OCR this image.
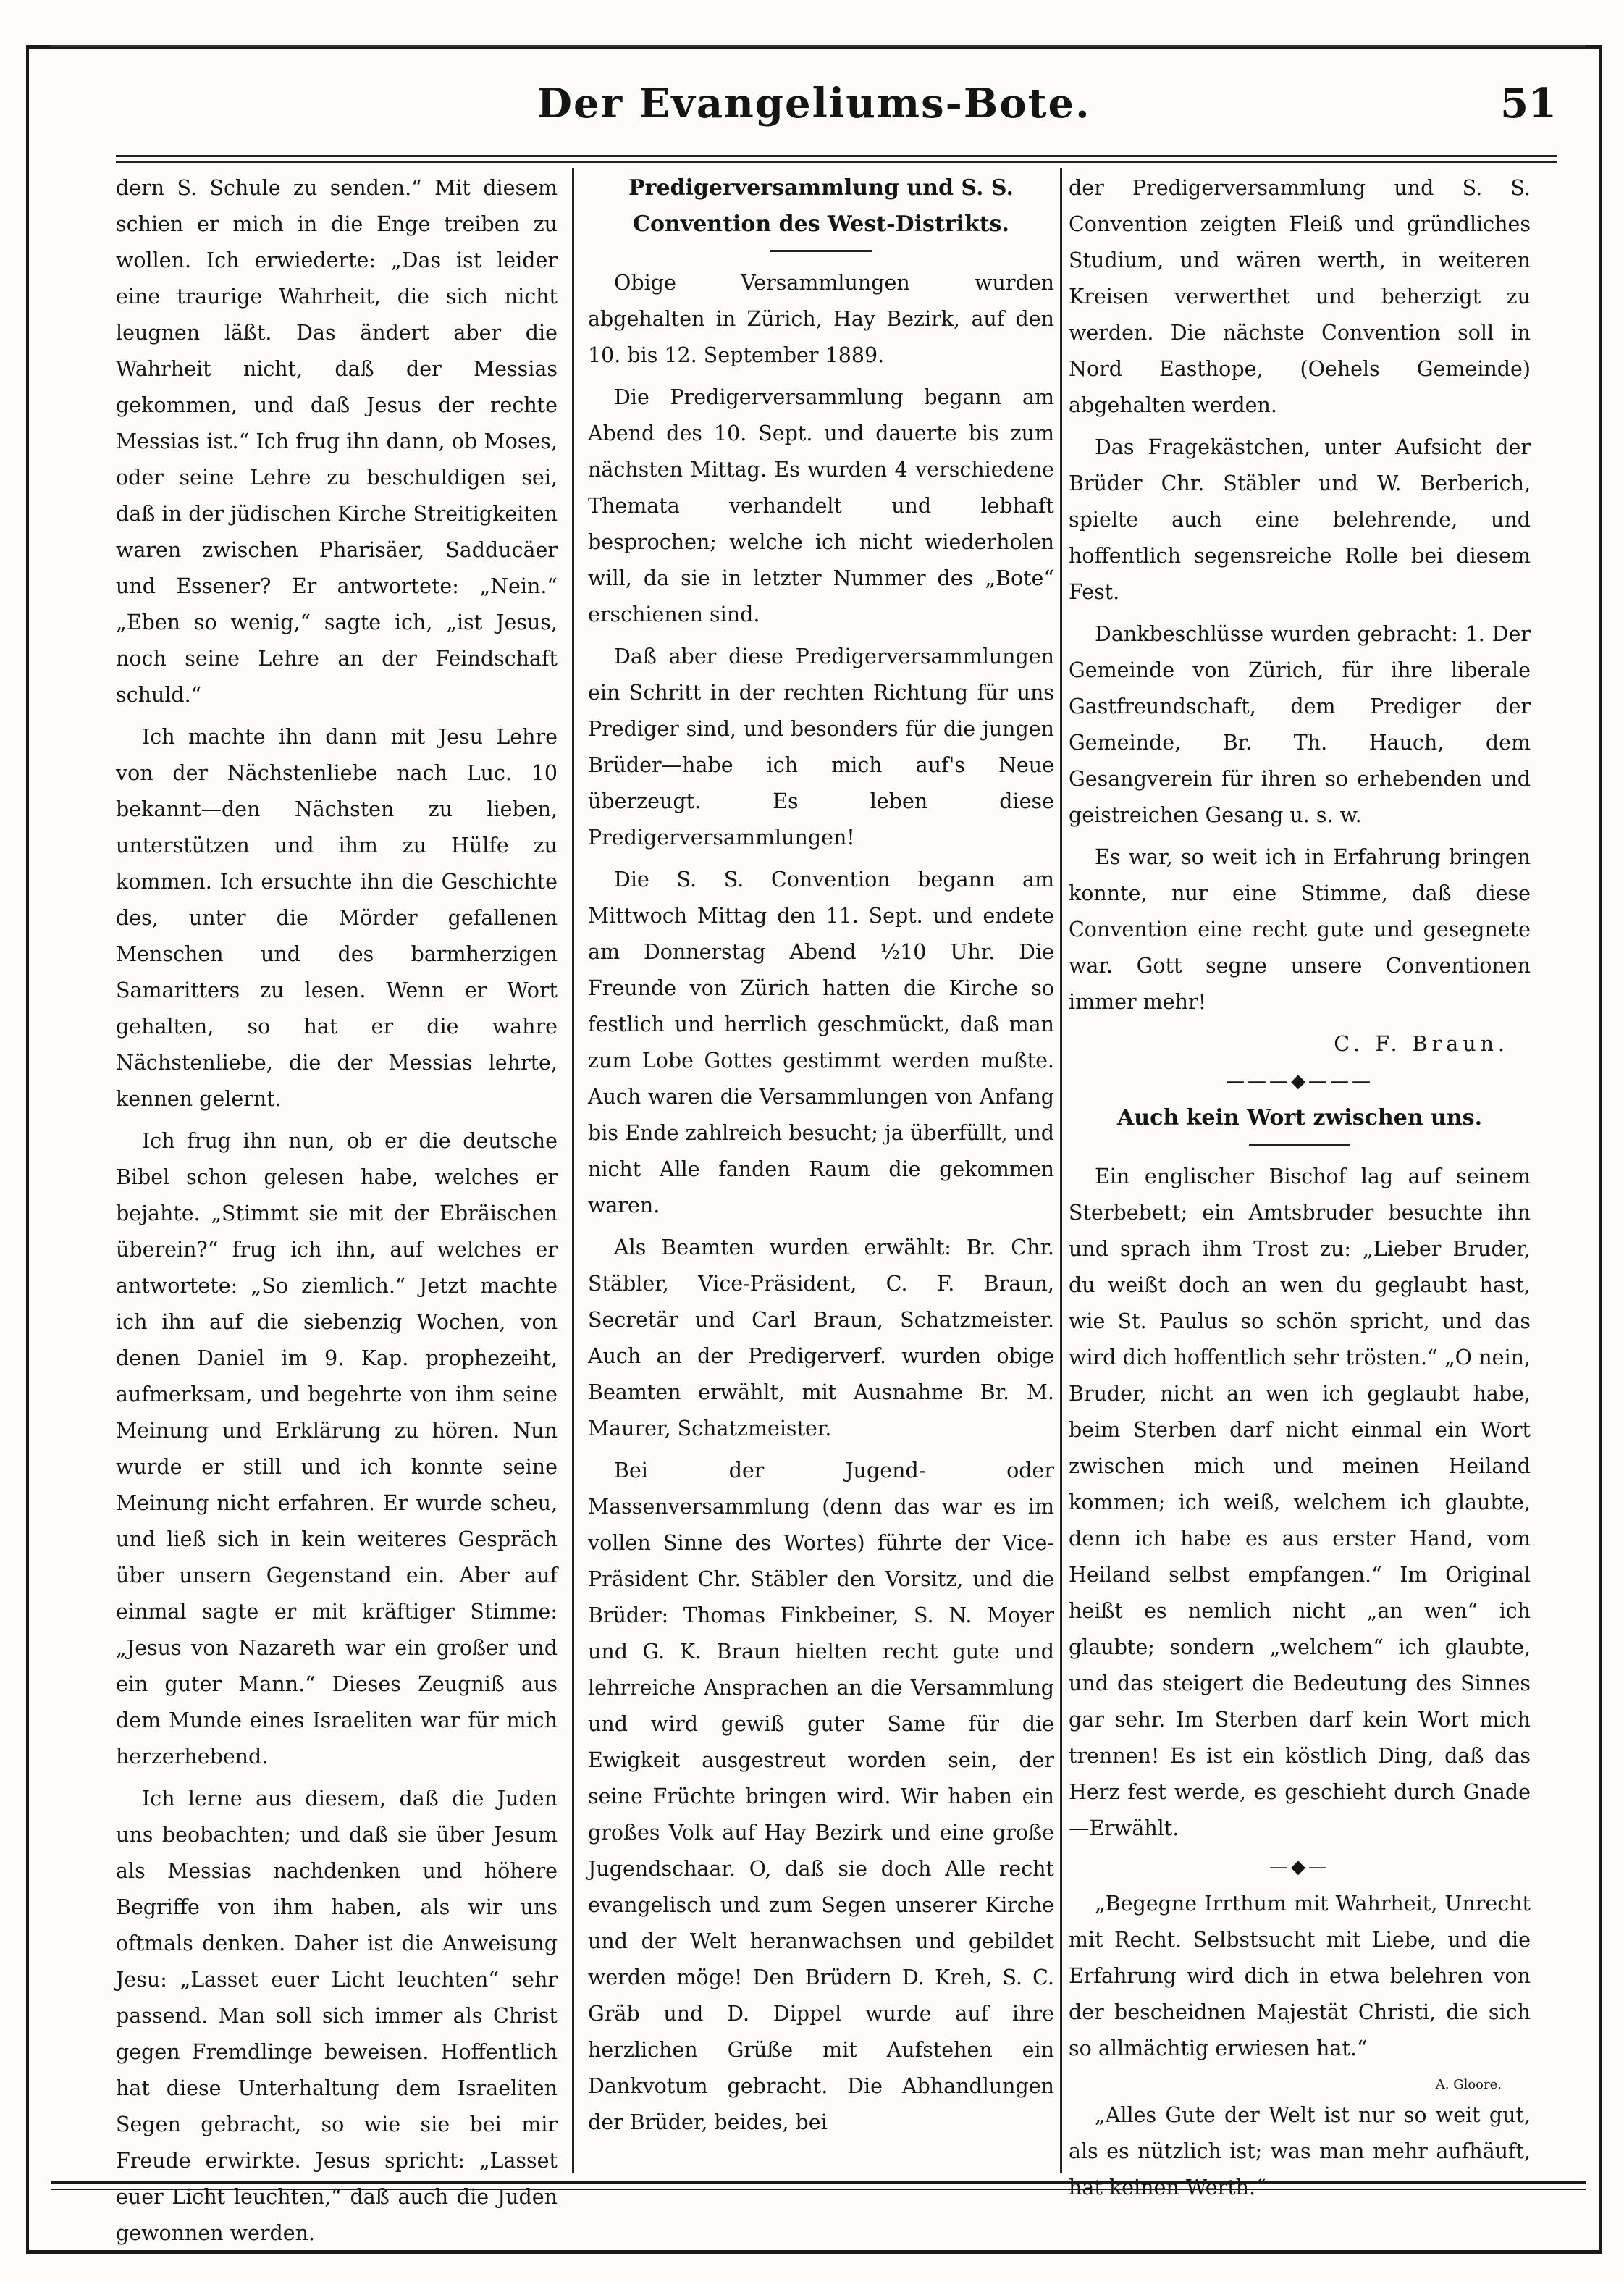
Der Evangeliums-Bote.	51

dern S. Schule zu senden.“ Mit diesem schien er mich in die Enge treiben zu wollen. Ich erwiederte: „Das ist leider eine traurige Wahrheit, die sich nicht leugnen läßt. Das ändert aber die Wahrheit nicht, daß der Messias gekommen, und daß Jesus der rechte Messias ist.“ Ich frug ihn dann, ob Moses, oder seine Lehre zu beschuldigen sei, daß in der jüdischen Kirche Streitigkeiten waren zwischen Pharisäer, Sadducäer und Essener? Er antwortete: „Nein.“ „Eben so wenig,“ sagte ich, „ist Jesus, noch seine Lehre an der Feindschaft schuld.“

Ich machte ihn dann mit Jesu Lehre von der Nächstenliebe nach Luc. 10 bekannt—den Nächsten zu lieben, unterstützen und ihm zu Hülfe zu kommen. Ich ersuchte ihn die Geschichte des, unter die Mörder gefallenen Menschen und des barmherzigen Samaritters zu lesen. Wenn er Wort gehalten, so hat er die wahre Nächstenliebe, die der Messias lehrte, kennen gelernt.

Ich frug ihn nun, ob er die deutsche Bibel schon gelesen habe, welches er bejahte. „Stimmt sie mit der Ebräischen überein?“ frug ich ihn, auf welches er antwortete: „So ziemlich.“ Jetzt machte ich ihn auf die siebenzig Wochen, von denen Daniel im 9. Kap. prophezeiht, aufmerksam, und begehrte von ihm seine Meinung und Erklärung zu hören. Nun wurde er still und ich konnte seine Meinung nicht erfahren. Er wurde scheu, und ließ sich in kein weiteres Gespräch über unsern Gegenstand ein. Aber auf einmal sagte er mit kräftiger Stimme: „Jesus von Nazareth war ein großer und ein guter Mann.“ Dieses Zeugniß aus dem Munde eines Israeliten war für mich herzerhebend.

Ich lerne aus diesem, daß die Juden uns beobachten; und daß sie über Jesum als Messias nachdenken und höhere Begriffe von ihm haben, als wir uns oftmals denken. Daher ist die Anweisung Jesu: „Lasset euer Licht leuchten“ sehr passend. Man soll sich immer als Christ gegen Fremdlinge beweisen. Hoffentlich hat diese Unterhaltung dem Israeliten Segen gebracht, so wie sie bei mir Freude erwirkte. Jesus spricht: „Lasset euer Licht leuchten,“ daß auch die Juden gewonnen werden.

Predigerversammlung und S. S.
Convention des West-Distrikts.

Obige Versammlungen wurden abgehalten in Zürich, Hay Bezirk, auf den 10. bis 12. September 1889.

Die Predigerversammlung begann am Abend des 10. Sept. und dauerte bis zum nächsten Mittag. Es wurden 4 verschiedene Themata verhandelt und lebhaft besprochen; welche ich nicht wiederholen will, da sie in letzter Nummer des „Bote“ erschienen sind.

Daß aber diese Predigerversammlungen ein Schritt in der rechten Richtung für uns Prediger sind, und besonders für die jungen Brüder—habe ich mich auf's Neue überzeugt. Es leben diese Predigerversammlungen!

Die S. S. Convention begann am Mittwoch Mittag den 11. Sept. und endete am Donnerstag Abend ½10 Uhr. Die Freunde von Zürich hatten die Kirche so festlich und herrlich geschmückt, daß man zum Lobe Gottes gestimmt werden mußte. Auch waren die Versammlungen von Anfang bis Ende zahlreich besucht; ja überfüllt, und nicht Alle fanden Raum die gekommen waren.

Als Beamten wurden erwählt: Br. Chr. Stäbler, Vice-Präsident, C. F. Braun, Secretär und Carl Braun, Schatzmeister. Auch an der Predigerverf. wurden obige Beamten erwählt, mit Ausnahme Br. M. Maurer, Schatzmeister.

Bei der Jugend- oder Massenversammlung (denn das war es im vollen Sinne des Wortes) führte der Vice-Präsident Chr. Stäbler den Vorsitz, und die Brüder: Thomas Finkbeiner, S. N. Moyer und G. K. Braun hielten recht gute und lehrreiche Ansprachen an die Versammlung und wird gewiß guter Same für die Ewigkeit ausgestreut worden sein, der seine Früchte bringen wird. Wir haben ein großes Volk auf Hay Bezirk und eine große Jugendschaar. O, daß sie doch Alle recht evangelisch und zum Segen unserer Kirche und der Welt heranwachsen und gebildet werden möge! Den Brüdern D. Kreh, S. C. Gräb und D. Dippel wurde auf ihre herzlichen Grüße mit Aufstehen ein Dankvotum gebracht. Die Abhandlungen der Brüder, beides, bei

der Predigerversammlung und S. S. Convention zeigten Fleiß und gründliches Studium, und wären werth, in weiteren Kreisen verwerthet und beherzigt zu werden. Die nächste Convention soll in Nord Easthope, (Oehels Gemeinde) abgehalten werden.

Das Fragekästchen, unter Aufsicht der Brüder Chr. Stäbler und W. Berberich, spielte auch eine belehrende, und hoffentlich segensreiche Rolle bei diesem Fest.

Dankbeschlüsse wurden gebracht: 1. Der Gemeinde von Zürich, für ihre liberale Gastfreundschaft, dem Prediger der Gemeinde, Br. Th. Hauch, dem Gesangverein für ihren so erhebenden und geistreichen Gesang u. s. w.

Es war, so weit ich in Erfahrung bringen konnte, nur eine Stimme, daß diese Convention eine recht gute und gesegnete war. Gott segne unsere Conventionen immer mehr!

C. F. Braun.
———◆———
Auch kein Wort zwischen uns.

Ein englischer Bischof lag auf seinem Sterbebett; ein Amtsbruder besuchte ihn und sprach ihm Trost zu: „Lieber Bruder, du weißt doch an wen du geglaubt hast, wie St. Paulus so schön spricht, und das wird dich hoffentlich sehr trösten.“ „O nein, Bruder, nicht an wen ich geglaubt habe, beim Sterben darf nicht einmal ein Wort zwischen mich und meinen Heiland kommen; ich weiß, welchem ich glaubte, denn ich habe es aus erster Hand, vom Heiland selbst empfangen.“ Im Original heißt es nemlich nicht „an wen“ ich glaubte; sondern „welchem“ ich glaubte, und das steigert die Bedeutung des Sinnes gar sehr. Im Sterben darf kein Wort mich trennen! Es ist ein köstlich Ding, daß das Herz fest werde, es geschieht durch Gnade —Erwählt.

—◆—

„Begegne Irrthum mit Wahrheit, Unrecht mit Recht. Selbstsucht mit Liebe, und die Erfahrung wird dich in etwa belehren von der bescheidnen Majestät Christi, die sich so allmächtig erwiesen hat.“

A. Gloore.

„Alles Gute der Welt ist nur so weit gut, als es nützlich ist; was man mehr aufhäuft, hat keinen Werth.“
